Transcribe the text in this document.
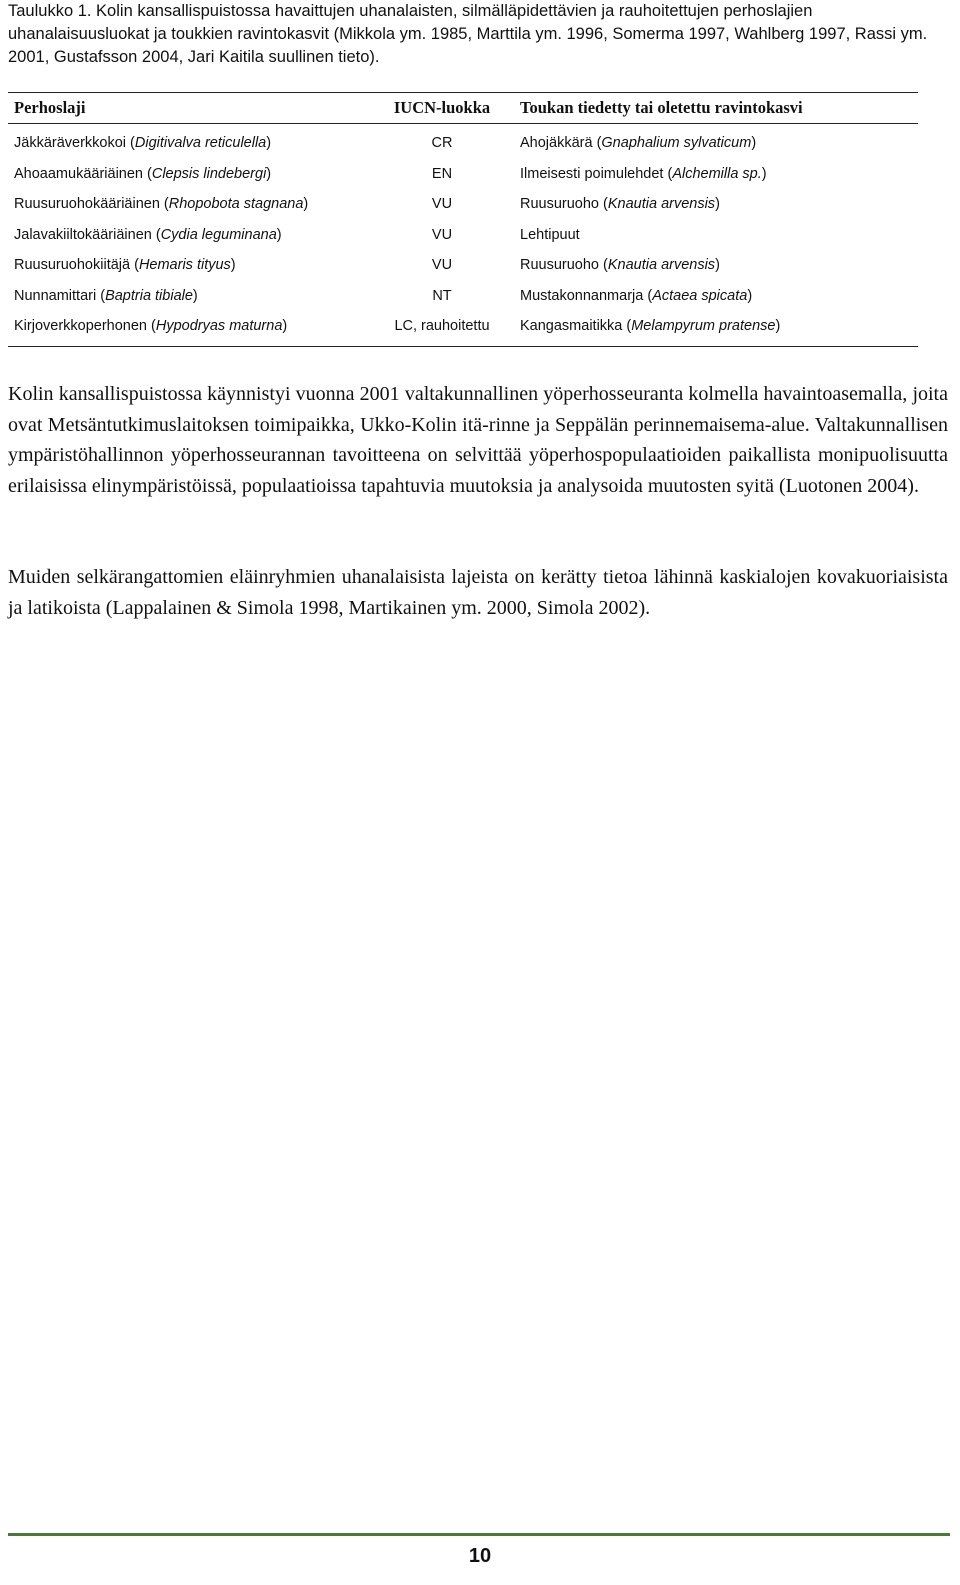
Taulukko 1. Kolin kansallispuistossa havaittujen uhanalaisten, silmälläpidettävien ja rauhoitettujen perhoslajien uhanalaisuusluokat ja toukkien ravintokasvit (Mikkola ym. 1985, Marttila ym. 1996, Somerma 1997, Wahlberg 1997, Rassi ym. 2001, Gustafsson 2004, Jari Kaitila suullinen tieto).
Perhoslaji	IUCN-luokka	Toukan tiedetty tai oletettu ravintokasvi
Jäkkäräverkkokoi (Digitivalva reticulella)	CR	Ahojäkkärä (Gnaphalium sylvaticum)
Ahoaamukääriäinen (Clepsis lindebergi)	EN	Ilmeisesti poimulehdet (Alchemilla sp.)
Ruusuruohokääriäinen (Rhopobota stagnana)	VU	Ruusuruoho (Knautia arvensis)
Jalavakiiltokääriäinen (Cydia leguminana)	VU	Lehtipuut
Ruusuruohokiitäjä (Hemaris tityus)	VU	Ruusuruoho (Knautia arvensis)
Nunnamittari (Baptria tibiale)	NT	Mustakonnanmarja (Actaea spicata)
Kirjoverkkoperhonen (Hypodryas maturna)	LC, rauhoitettu	Kangasmaitikka (Melampyrum pratense)
Kolin kansallispuistossa käynnistyi vuonna 2001 valtakunnallinen yöperhosseuranta kolmella havaintoasemalla, joita ovat Metsäntutkimuslaitoksen toimipaikka, Ukko-Kolin itä-rinne ja Seppälän perinnemaisema-alue. Valtakunnallisen ympäristöhallinnon yöperhosseurannan tavoitteena on selvittää yöperhospopulaatioiden paikallista monipuolisuutta erilaisissa elinympäristöissä, populaatioissa tapahtuvia muutoksia ja analysoida muutosten syitä (Luotonen 2004).
Muiden selkärangattomien eläinryhmien uhanalaisista lajeista on kerätty tietoa lähinnä kaskialojen kovakuoriaisista ja latikoista (Lappalainen & Simola 1998, Martikainen ym. 2000, Simola 2002).
10
